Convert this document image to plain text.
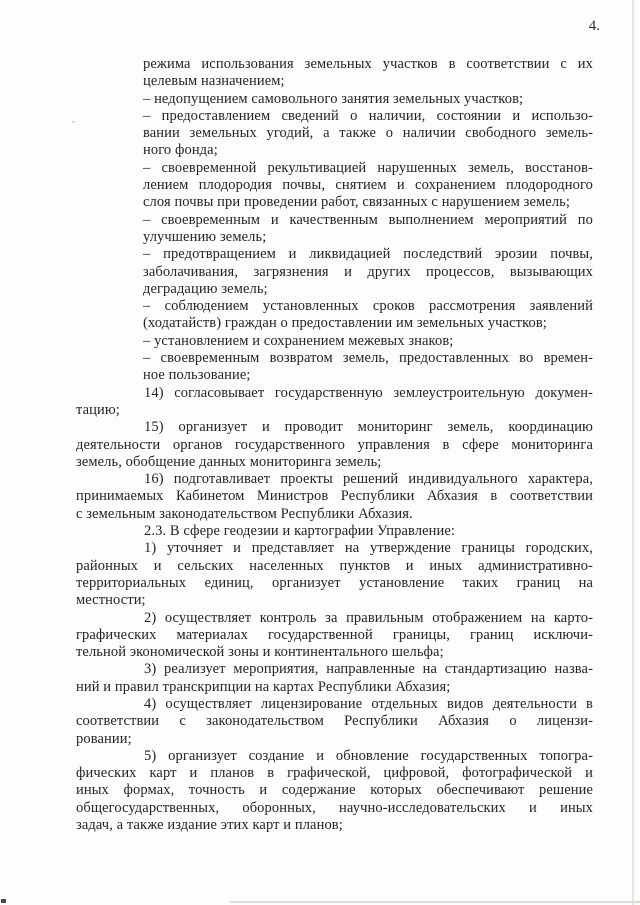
4.
режима использования земельных участков в соответствии с их
целевым назначением;
– недопущением самовольного занятия земельных участков;
– предоставлением сведений о наличии, состоянии и использо-
вании земельных угодий, а также о наличии свободного земель-
ного фонда;
– своевременной рекультивацией нарушенных земель, восстанов-
лением плодородия почвы, снятием и сохранением плодородного
слоя почвы при проведении работ, связанных с нарушением земель;
– своевременным и качественным выполнением мероприятий по
улучшению земель;
– предотвращением и ликвидацией последствий эрозии почвы,
заболачивания, загрязнения и других процессов, вызывающих
деградацию земель;
– соблюдением установленных сроков рассмотрения заявлений
(ходатайств) граждан о предоставлении им земельных участков;
– установлением и сохранением межевых знаков;
– своевременным возвратом земель, предоставленных во времен-
ное пользование;
14) согласовывает государственную землеустроительную докумен-
тацию;
15) организует и проводит мониторинг земель, координацию
деятельности органов государственного управления в сфере мониторинга
земель, обобщение данных мониторинга земель;
16) подготавливает проекты решений индивидуального характера,
принимаемых Кабинетом Министров Республики Абхазия в соответствии
с земельным законодательством Республики Абхазия.
2.3. В сфере геодезии и картографии Управление:
1) уточняет и представляет на утверждение границы городских,
районных и сельских населенных пунктов и иных административно-
территориальных единиц, организует установление таких границ на
местности;
2) осуществляет контроль за правильным отображением на карто-
графических материалах государственной границы, границ исключи-
тельной экономической зоны и континентального шельфа;
3) реализует мероприятия, направленные на стандартизацию назва-
ний и правил транскрипции на картах Республики Абхазия;
4) осуществляет лицензирование отдельных видов деятельности в
соответствии с законодательством Республики Абхазия о лицензи-
ровании;
5) организует создание и обновление государственных топогра-
фических карт и планов в графической, цифровой, фотографической и
иных формах, точность и содержание которых обеспечивают решение
общегосударственных, оборонных, научно-исследовательских и иных
задач, а также издание этих карт и планов;
